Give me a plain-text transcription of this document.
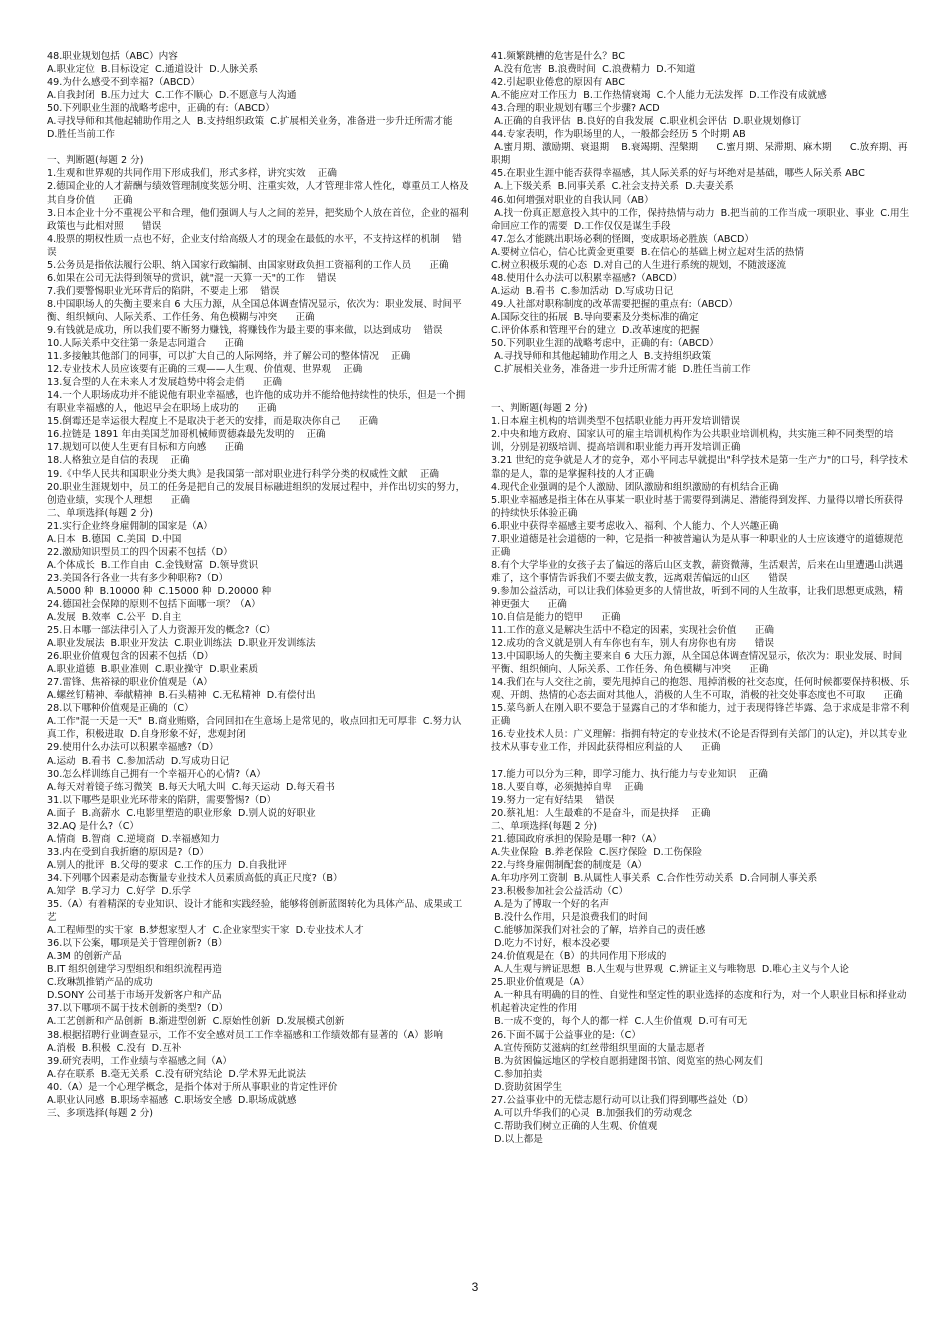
48.职业规划包括（ABC）内容
A.职业定位  B.目标设定  C.通道设计  D.人脉关系
49.为什么感受不到幸福?（ABCD）
A.自我封闭  B.压力过大  C.工作不顺心  D.不愿意与人沟通
50.下列职业生涯的战略考虑中，正确的有:（ABCD）
A.寻找导师和其他起辅助作用之人  B.支持组织政策  C.扩展相关业务，准备进一步升迁所需才能  D.胜任当前工作
一、判断题(每题 2 分)
1.生观和世界观的共同作用下形成我们，形式多样，讲究实效    正确
2.德国企业的人才薪酬与绩效管理制度奖惩分明、注重实效，人才管理非常人性化，尊重员工人格及其自身价值      正确
3.日本企业十分不重视公平和合理，他们强调人与人之间的差异，把奖励个人放在首位，企业的福利政策也与此相对照      错误
4.股票的期权性质一点也不好，企业支付给高级人才的现金在最低的水平，不支持这样的机制    错误
5.公务员是指依法履行公职、纳入国家行政编制、由国家财政负担工资福利的工作人员      正确
6.如果在公司无法得到领导的赏识，就"混一天算一天"的工作    错误
7.我们要警惕职业光环背后的陷阱，不要走上邪    错误
8.中国职场人的失衡主要来自 6 大压力源，从全国总体调查情况显示，依次为：职业发展、时间平衡、组织倾向、人际关系、工作任务、角色模糊与冲突      正确
9.有钱就是成功，所以我们要不断努力赚钱，将赚钱作为最主要的事来做，以达到成功    错误
10.人际关系中交往第一条是志同道合      正确
11.多接触其他部门的同事，可以扩大自己的人际网络，并了解公司的整体情况    正确
12.专业技术人员应该要有正确的三观——人生观、价值观、世界观    正确
13.复合型的人在未来人才发展趋势中将会走俏      正确
14.一个人职场成功并不能说他有职业幸福感，也许他的成功并不能给他持续性的快乐，但是一个拥有职业幸福感的人，他迟早会在职场上成功的      正确
15.倒霉还是幸运很大程度上不是取决于老天的安排，而是取决你自己      正确
16.拉链是 1891 年由美国芝加哥机械师贾德森最先发明的    正确
17.规划可以使人生更有目标和方向感      正确
18.人格独立是自信的表现    正确
19.《中华人民共和国职业分类大典》是我国第一部对职业进行科学分类的权威性文献    正确
20.职业生涯规划中，员工的任务是把自己的发展目标融进组织的发展过程中，并作出切实的努力，创造业绩，实现个人理想      正确
二、单项选择(每题 2 分)
21.实行企业终身雇佣制的国家是（A）
A.日本  B.德国  C.美国  D.中国
22.激励知识型员工的四个因素不包括（D）
A.个体成长  B.工作自由  C.金钱财富  D.领导赏识
23.美国各行各业一共有多少种职称?（D）
A.5000 种  B.10000 种  C.15000 种  D.20000 种
24.德国社会保障的原则不包括下面哪一项？（A）
A.发展  B.效率  C.公平  D.自主
25.日本哪一部法律引入了人力资源开发的概念?（C）
A.职业发展法  B.职业开发法  C.职业训练法  D.职业开发训练法
26.职业价值观包含的因素不包括（D）
A.职业道德  B.职业准则  C.职业操守  D.职业素质
27.雷锋、焦裕禄的职业价值观是（A）
A.螺丝钉精神、奉献精神  B.石头精神  C.无私精神  D.有偿付出
28.以下哪种价值观是正确的（C）
A.工作"混一天是一天"  B.商业贿赂，合同回扣在生意场上是常见的，收点回扣无可厚非  C.努力认真工作，积极进取  D.自身形象不好，悲观封闭
29.使用什么办法可以积累幸福感?（D）
A.运动  B.看书  C.参加活动  D.写成功日记
30.怎么样训练自己拥有一个幸福开心的心情?（A）
A.每天对着镜子练习微笑  B.每天大吼大叫  C.每天运动  D.每天看书
31.以下哪些是职业光环带来的陷阱，需要警惕?（D）
A.面子  B.高薪水  C.电影里塑造的职业形象  D.别人说的好职业
32.AQ 是什么?（C）
A.情商  B.智商  C.逆境商  D.幸福感知力
33.内在受到自我折磨的原因是?（D）
A.别人的批评  B.父母的要求  C.工作的压力  D.自我批评
34.下列哪个因素是动态衡量专业技术人员素质高低的真正尺度?（B）
A.知学  B.学习力  C.好学  D.乐学
35.（A）有着精深的专业知识、设计才能和实践经验，能够将创新蓝图转化为具体产品、成果或工艺
A.工程师型的实干家  B.梦想家型人才  C.企业家型实干家  D.专业技术人才
36.以下公案，哪项是关于管理创新?（B）
A.3M 的创新产品
B.IT 组织创建学习型组织和组织流程再造
C.玫琳凯推销产品的成功
D.SONY 公司基于市场开发新客户和产品
37.以下哪项不属于技术创新的类型?（D）
A.工艺创新和产品创新  B.渐进型创新  C.原始性创新  D.发展模式创新
38.根据招聘行业调查显示，工作不安全感对员工工作幸福感和工作绩效都有显著的（A）影响        A.消极  B.积极  C.没有  D.互补
39.研究表明，工作业绩与幸福感之间（A）
A.存在联系  B.毫无关系  C.没有研究结论  D.学术界无此说法
40.（A）是一个心理学概念，是指个体对于所从事职业的肯定性评价
A.职业认同感  B.职场幸福感  C.职场安全感  D.职场成就感
三、多项选择(每题 2 分)
41.频繁跳槽的危害是什么？BC
A.没有危害  B.浪费时间  C.浪费精力  D.不知道
42.引起职业倦怠的原因有 ABC
A.不能应对工作压力  B.工作热情衰竭  C.个人能力无法发挥  D.工作没有成就感
43.合理的职业规划有哪三个步骤? ACD
A.正确的自我评估  B.良好的自我发展  C.职业机会评估  D.职业规划修订
44.专家表明，作为职场里的人，一般都会经历 5 个时期 AB
A.蜜月期、激励期、衰退期    B.衰竭期、涅槃期      C.蜜月期、呆滞期、麻木期      C.放弃期、再职期
45.在职业生涯中能否获得幸福感，其人际关系的好与坏绝对是基础，哪些人际关系 ABC
A.上下级关系  B.同事关系  C.社会支持关系  D.夫妻关系
46.如何增强对职业的自我认同（AB）
A.找一份真正愿意投入其中的工作，保持热情与动力  B.把当前的工作当成一项职业、事业  C.用生命回应工作的需要  D.工作仅仅是谋生手段
47.怎么才能跳出职场必剩的怪圈，变成职场必胜族（ABCD）
A.要树立信心，信心比黄金更重要  B.在信心的基础上树立起对生活的热情
C.树立积极乐观的心态  D.对自己的人生进行系统的规划，不随波逐流
48.使用什么办法可以积累幸福感?（ABCD）
A.运动  B.看书  C.参加活动  D.写成功日记
49.人社部对职称制度的改革需要把握的重点有:（ABCD）
A.国际交往的拓展  B.导向要素及分类标准的确定
C.评价体系和管理平台的建立  D.改革速度的把握
50.下列职业生涯的战略考虑中，正确的有:（ABCD）
A.寻找导师和其他起辅助作用之人  B.支持组织政策
C.扩展相关业务，准备进一步升迁所需才能  D.胜任当前工作
一、判断题(每题 2 分)
1.日本雇主机构的培训类型不包括职业能力再开发培训错误
2.中央和地方政府、国家认可的雇主培训机构作为公共职业培训机构，共实施三种不同类型的培训，分别是初级培训、提高培训和职业能力再开发培训正确
3.21 世纪的竞争就是人才的竞争，邓小平同志早就提出"科学技术是第一生产力"的口号，科学技术靠的是人，靠的是掌握科技的人才正确
4.现代企业强调的是个人激励、团队激励和组织激励的有机结合正确
5.职业幸福感是指主体在从事某一职业时基于需要得到满足、潜能得到发挥、力量得以增长所获得的持续快乐体验正确
6.职业中获得幸福感主要考虑收入、福利、个人能力、个人兴趣正确
7.职业道德是社会道德的一种，它是指一种被普遍认为是从事一种职业的人士应该遵守的道德规范      正确
8.有个大学毕业的女孩子去了偏远的落后山区支教，薪资微薄，生活艰苦，后来在山里遭遇山洪遇难了，这个事情告诉我们不要去做支教，远离艰苦偏远的山区      错误
9.参加公益活动，可以让我们体验更多的人情世故，听到不同的人生故事，让我们思想更成熟，精神更强大      正确
10.自信是能力的铠甲      正确
11.工作的意义是解决生活中不稳定的因素，实现社会价值      正确
12.成功的含义就是别人有车你也有车，别人有房你也有房      错误
13.中国职场人的失衡主要来自 6 大压力源，从全国总体调查情况显示，依次为：职业发展、时间平衡、组织倾向、人际关系、工作任务、角色模糊与冲突      正确
14.我们在与人交往之前，要先甩掉自己的抱怨、甩掉消极的社交态度，任何时候都要保持积极、乐观、开朗、热情的心态去面对其他人，消极的人生不可取，消极的社交处事态度也不可取      正确
15.菜鸟新人在刚入职不要急于显露自己的才华和能力，过于表现得锋芒毕露、急于求成是非常不利    正确
16.专业技术人员：广义理解：指拥有特定的专业技术(不论是否得到有关部门的认定)，并以其专业技术从事专业工作，并因此获得相应利益的人      正确
17.能力可以分为三种，即学习能力、执行能力与专业知识    正确
18.人要自尊，必须抛掉自卑    正确
19.努力一定有好结果    错误
20.蔡礼旭：人生最难的不是奋斗，而是抉择    正确
二、单项选择(每题 2 分)
21.德国政府承担的保险是哪一种?（A）
A.失业保险  B.养老保险  C.医疗保险  D.工伤保险
22.与终身雇佣制配套的制度是（A）
A.年功序列工资制  B.从属性人事关系  C.合作性劳动关系  D.合同制人事关系
23.积极参加社会公益活动（C）
A.是为了博取一个好的名声
B.没什么作用，只是浪费我们的时间
C.能够加深我们对社会的了解，培养自己的责任感
D.吃力不讨好，根本没必要
24.价值观是在（B）的共同作用下形成的
A.人生观与辨证思想  B.人生观与世界观  C.辨证主义与唯物思  D.唯心主义与个人论
25.职业价值观是（A）
A.一种具有明确的目的性、自觉性和坚定性的职业选择的态度和行为，对一个人职业目标和择业动机起着决定性的作用
B.一成不变的，每个人的都一样  C.人生价值观  D.可有可无
26.下面不属于公益事业的是:（C）
A.宣传预防艾滋病的红丝带组织里面的大量志愿者
B.为贫困偏远地区的学校自愿捐建图书馆、阅览室的热心网友们
C.参加拍卖
D.资助贫困学生
27.公益事业中的无偿志愿行动可以让我们得到哪些益处（D）
A.可以升华我们的心灵  B.加强我们的劳动观念
C.帮助我们树立正确的人生观、价值观
D.以上都是
3
